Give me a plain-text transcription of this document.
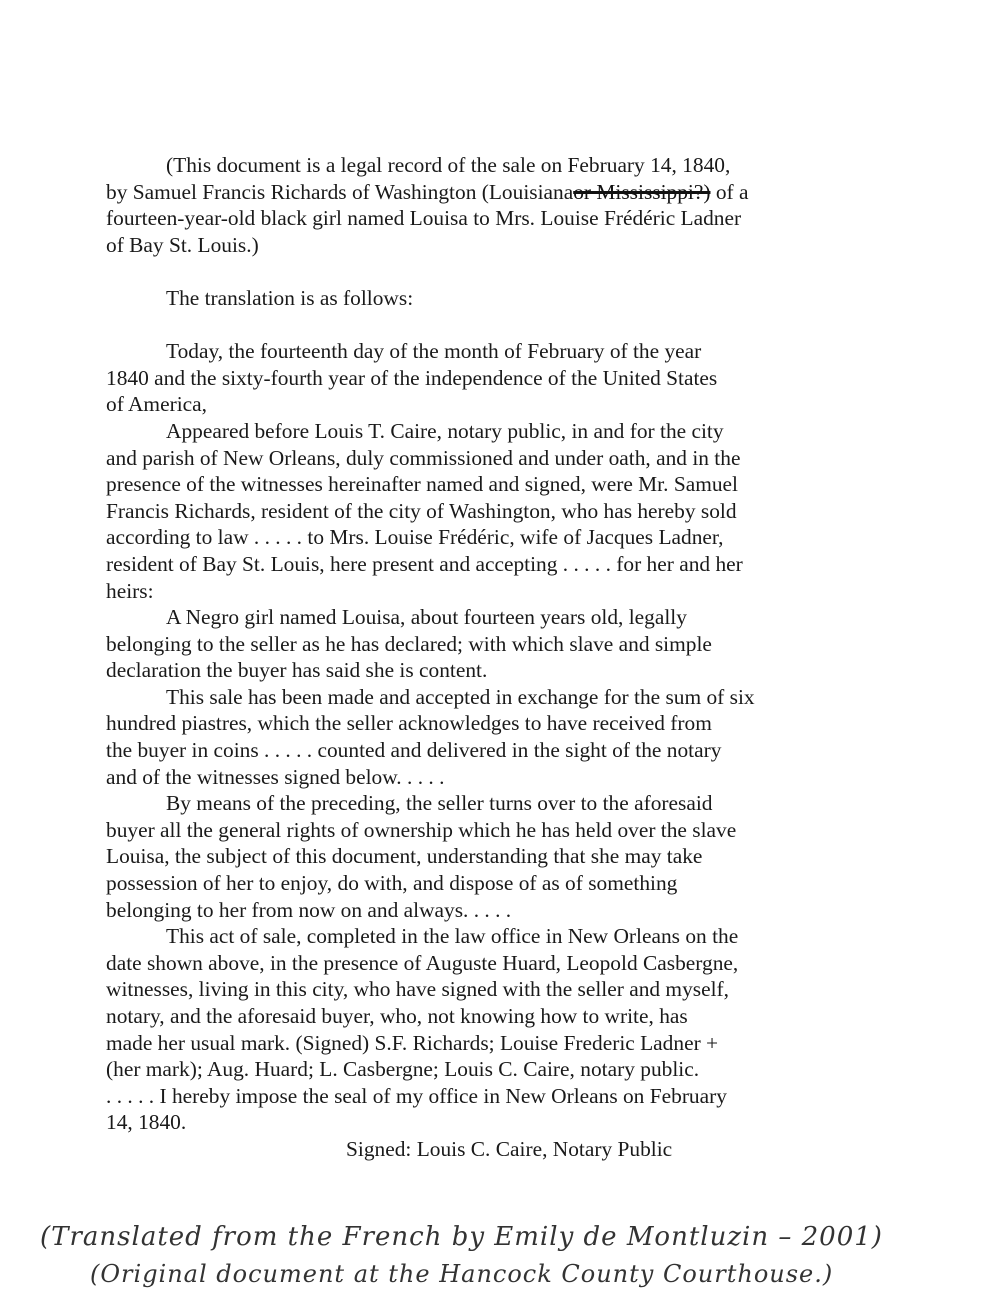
(This document is a legal record of the sale on February 14, 1840,
by Samuel Francis Richards of Washington (Louisianaor Mississippi?) of a
fourteen-year-old black girl named Louisa to Mrs. Louise Frédéric Ladner
of Bay St. Louis.)
The translation is as follows:
Today, the fourteenth day of the month of February of the year
1840 and the sixty-fourth year of the independence of the United States
of America,
Appeared before Louis T. Caire, notary public, in and for the city
and parish of New Orleans, duly commissioned and under oath, and in the
presence of the witnesses hereinafter named and signed, were Mr. Samuel
Francis Richards, resident of the city of Washington, who has hereby sold
according to law . . . . . to Mrs. Louise Frédéric, wife of Jacques Ladner,
resident of Bay St. Louis, here present and accepting . . . . . for her and her
heirs:
A Negro girl named Louisa, about fourteen years old, legally
belonging to the seller as he has declared; with which slave and simple
declaration the buyer has said she is content.
This sale has been made and accepted in exchange for the sum of six
hundred piastres, which the seller acknowledges to have received from
the buyer in coins . . . . . counted and delivered in the sight of the notary
and of the witnesses signed below. . . . .
By means of the preceding, the seller turns over to the aforesaid
buyer all the general rights of ownership which he has held over the slave
Louisa, the subject of this document, understanding that she may take
possession of her to enjoy, do with, and dispose of as of something
belonging to her from now on and always. . . . .
This act of sale, completed in the law office in New Orleans on the
date shown above, in the presence of Auguste Huard, Leopold Casbergne,
witnesses, living in this city, who have signed with the seller and myself,
notary, and the aforesaid buyer, who, not knowing how to write, has
made her usual mark. (Signed) S.F. Richards; Louise Frederic Ladner +
(her mark); Aug. Huard; L. Casbergne; Louis C. Caire, notary public.
. . . . . I hereby impose the seal of my office in New Orleans on February
14, 1840.
Signed: Louis C. Caire, Notary Public
(Translated from the French by Emily de Montluzin – 2001)
(Original document at the Hancock County Courthouse.)
